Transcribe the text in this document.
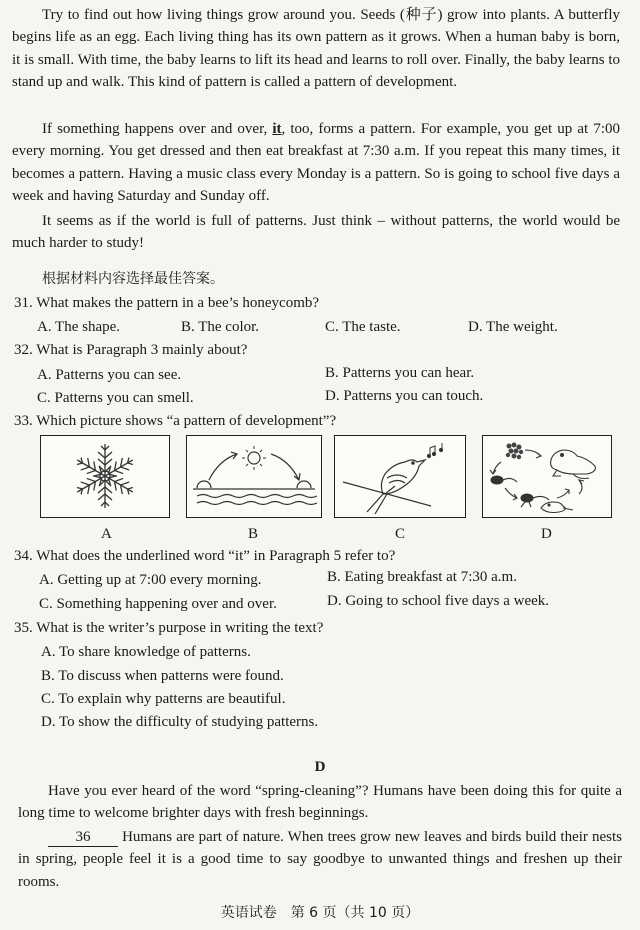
Try to find out how living things grow around you. Seeds (种子) grow into plants. A butterfly begins life as an egg. Each living thing has its own pattern as it grows. When a human baby is born, it is small. With time, the baby learns to lift its head and learns to roll over. Finally, the baby learns to stand up and walk. This kind of pattern is called a pattern of development.

If something happens over and over, it, too, forms a pattern. For example, you get up at 7:00 every morning. You get dressed and then eat breakfast at 7:30 a.m. If you repeat this many times, it becomes a pattern. Having a music class every Monday is a pattern. So is going to school five days a week and having Saturday and Sunday off.

It seems as if the world is full of patterns. Just think – without patterns, the world would be much harder to study!

根据材料内容选择最佳答案。

31. What makes the pattern in a bee’s honeycomb?

A. The shape.	B. The color.	C. The taste.	D. The weight.

32. What is Paragraph 3 mainly about?

A. Patterns you can see.	B. Patterns you can hear.

C. Patterns you can smell.	D. Patterns you can touch.

33. Which picture shows “a pattern of development”?

A	B	C	D

34. What does the underlined word “it” in Paragraph 5 refer to?

A. Getting up at 7:00 every morning.	B. Eating breakfast at 7:30 a.m.

C. Something happening over and over.	D. Going to school five days a week.

35. What is the writer’s purpose in writing the text?

A. To share knowledge of patterns.

B. To discuss when patterns were found.

C. To explain why patterns are beautiful.

D. To show the difficulty of studying patterns.

D

Have you ever heard of the word “spring-cleaning”? Humans have been doing this for quite a long time to welcome brighter days with fresh beginnings.

36 Humans are part of nature. When trees grow new leaves and birds build their nests in spring, people feel it is a good time to say goodbye to unwanted things and freshen up their rooms.

英语试卷　第 6 页（共 10 页）
